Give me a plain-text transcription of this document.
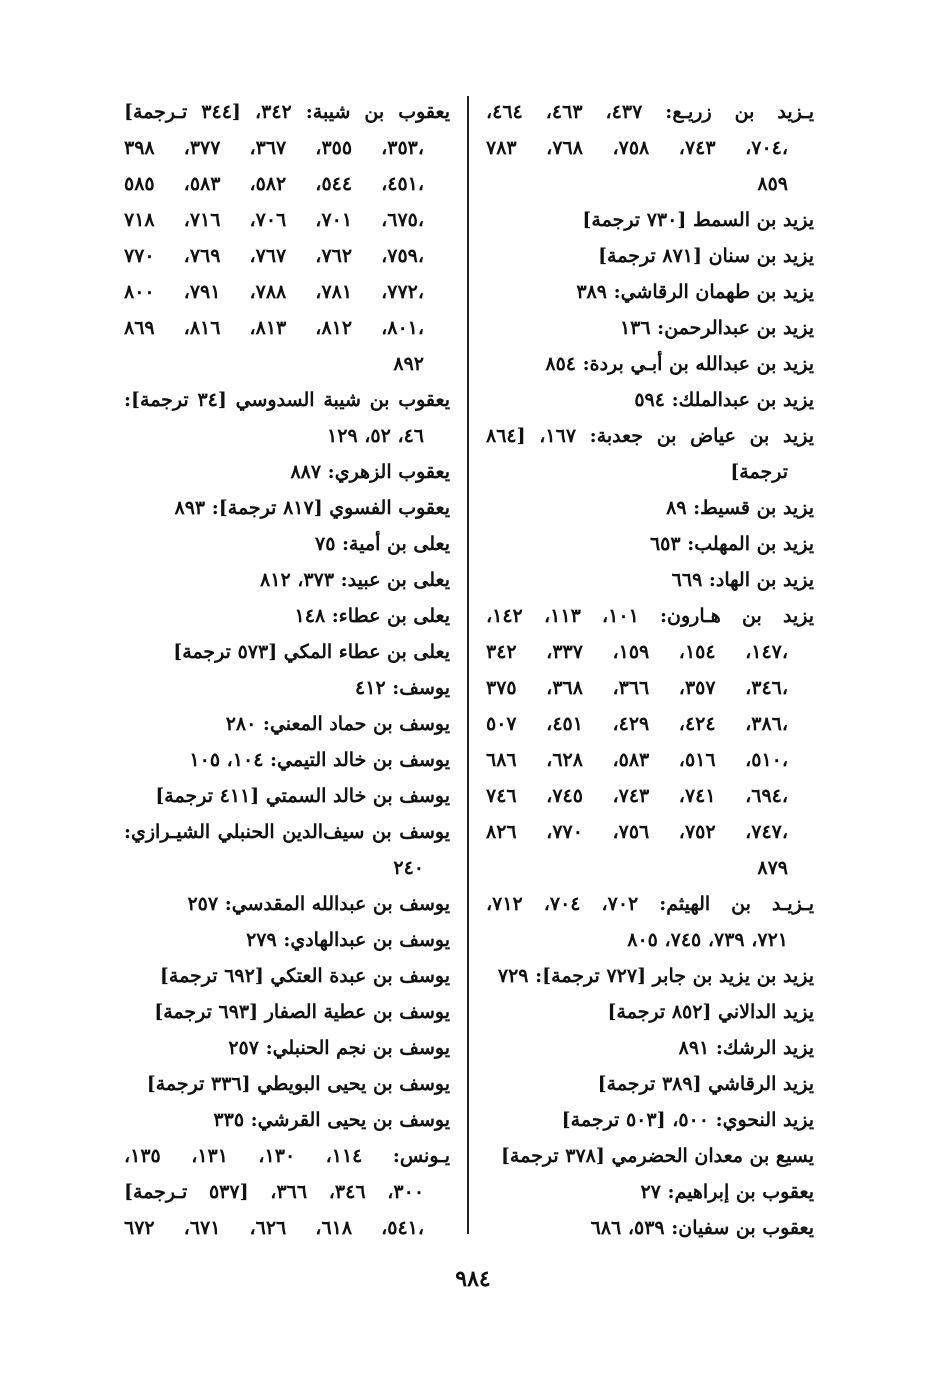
يـزيد بن زريـع: ٤٣٧، ٤٦٣، ٤٦٤،
٧٠٤، ٧٤٣، ٧٥٨، ٧٦٨، ٧٨٣،
٨٥٩
يزيد بن السمط [٧٣٠ ترجمة]
يزيد بن سنان [٨٧١ ترجمة]
يزيد بن طهمان الرقاشي: ٣٨٩
يزيد بن عبدالرحمن: ١٣٦
يزيد بن عبدالله بن أبـي بردة: ٨٥٤
يزيد بن عبدالملك: ٥٩٤
يزيد بن عياض بن جعدبة: ١٦٧، [٨٦٤
ترجمة]
يزيد بن قسيط: ٨٩
يزيد بن المهلب: ٦٥٣
يزيد بن الهاد: ٦٦٩
يزيد بن هـارون: ١٠١، ١١٣، ١٤٢،
١٤٧، ١٥٤، ١٥٩، ٣٣٧، ٣٤٢،
٣٤٦، ٣٥٧، ٣٦٦، ٣٦٨، ٣٧٥،
٣٨٦، ٤٢٤، ٤٢٩، ٤٥١، ٥٠٧،
٥١٠، ٥١٦، ٥٨٣، ٦٢٨، ٦٨٦،
٦٩٤، ٧٤١، ٧٤٣، ٧٤٥، ٧٤٦،
٧٤٧، ٧٥٢، ٧٥٦، ٧٧٠، ٨٢٦،
٨٧٩
يـزيـد بن الهيثم: ٧٠٢، ٧٠٤، ٧١٢،
٧٢١، ٧٣٩، ٧٤٥، ٨٠٥
يزيد بن يزيد بن جابر [٧٢٧ ترجمة]: ٧٢٩
يزيد الدالاني [٨٥٢ ترجمة]
يزيد الرشك: ٨٩١
يزيد الرقاشي [٣٨٩ ترجمة]
يزيد النحوي: ٥٠٠، [٥٠٣ ترجمة]
يسيع بن معدان الحضرمي [٣٧٨ ترجمة]
يعقوب بن إبراهيم: ٢٧
يعقوب بن سفيان: ٥٣٩، ٦٨٦
يعقوب بن شيبة: ٣٤٢، [٣٤٤ تـرجمة]
٣٥٣، ٣٥٥، ٣٦٧، ٣٧٧، ٣٩٨،
٤٥١، ٥٤٤، ٥٨٢، ٥٨٣، ٥٨٥،
٦٧٥، ٧٠١، ٧٠٦، ٧١٦، ٧١٨،
٧٥٩، ٧٦٢، ٧٦٧، ٧٦٩، ٧٧٠،
٧٧٢، ٧٨١، ٧٨٨، ٧٩١، ٨٠٠،
٨٠١، ٨١٢، ٨١٣، ٨١٦، ٨٦٩،
٨٩٢
يعقوب بن شيبة السدوسي [٣٤ ترجمة]:
٤٦، ٥٢، ١٢٩
يعقوب الزهري: ٨٨٧
يعقوب الفسوي [٨١٧ ترجمة]: ٨٩٣
يعلى بن أمية: ٧٥
يعلى بن عبيد: ٣٧٣، ٨١٢
يعلى بن عطاء: ١٤٨
يعلى بن عطاء المكي [٥٧٣ ترجمة]
يوسف: ٤١٢
يوسف بن حماد المعني: ٢٨٠
يوسف بن خالد التيمي: ١٠٤، ١٠٥
يوسف بن خالد السمتي [٤١١ ترجمة]
يوسف بن سيف‌الدين الحنبلي الشيـرازي:
٢٤٠
يوسف بن عبدالله المقدسي: ٢٥٧
يوسف بن عبدالهادي: ٢٧٩
يوسف بن عبدة العتكي [٦٩٢ ترجمة]
يوسف بن عطية الصفار [٦٩٣ ترجمة]
يوسف بن نجم الحنبلي: ٢٥٧
يوسف بن يحيى البويطي [٣٣٦ ترجمة]
يوسف بن يحيى القرشي: ٣٣٥
يـونس: ١١٤، ١٣٠، ١٣١، ١٣٥،
٣٠٠، ٣٤٦، ٣٦٦، [٥٣٧ تـرجمة]
٥٤١، ٦١٨، ٦٢٦، ٦٧١، ٦٧٢،
٩٨٤
